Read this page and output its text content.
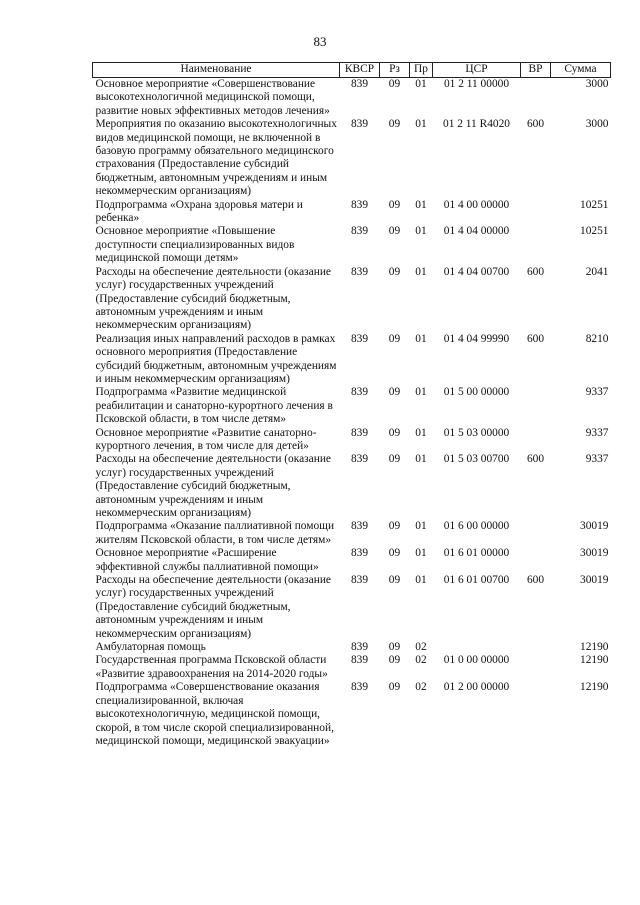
83
Наименование	КВСР	Рз	Пр	ЦСР	ВР	Сумма
Основное мероприятие «Совершенствование высокотехнологичной медицинской помощи, развитие новых эффективных методов лечения»	839	09	01	01 2 11 00000		3000
Мероприятия по оказанию высокотехнологичных видов медицинской помощи, не включенной в базовую программу обязательного медицинского страхования (Предоставление субсидий бюджетным, автономным учреждениям и иным некоммерческим организациям)	839	09	01	01 2 11 R4020	600	3000
Подпрограмма «Охрана здоровья матери и ребенка»	839	09	01	01 4 00 00000		10251
Основное мероприятие «Повышение доступности специализированных видов медицинской помощи детям»	839	09	01	01 4 04 00000		10251
Расходы на обеспечение деятельности (оказание услуг) государственных учреждений (Предоставление субсидий бюджетным, автономным учреждениям и иным некоммерческим организациям)	839	09	01	01 4 04 00700	600	2041
Реализация иных направлений расходов в рамках основного мероприятия (Предоставление субсидий бюджетным, автономным учреждениям и иным некоммерческим организациям)	839	09	01	01 4 04 99990	600	8210
Подпрограмма «Развитие медицинской реабилитации и санаторно-курортного лечения в Псковской области, в том числе детям»	839	09	01	01 5 00 00000		9337
Основное мероприятие «Развитие санаторно-курортного лечения, в том числе для детей»	839	09	01	01 5 03 00000		9337
Расходы на обеспечение деятельности (оказание услуг) государственных учреждений (Предоставление субсидий бюджетным, автономным учреждениям и иным некоммерческим организациям)	839	09	01	01 5 03 00700	600	9337
Подпрограмма «Оказание паллиативной помощи жителям Псковской области, в том числе детям»	839	09	01	01 6 00 00000		30019
Основное мероприятие «Расширение эффективной службы паллиативной помощи»	839	09	01	01 6 01 00000		30019
Расходы на обеспечение деятельности (оказание услуг) государственных учреждений (Предоставление субсидий бюджетным, автономным учреждениям и иным некоммерческим организациям)	839	09	01	01 6 01 00700	600	30019
Амбулаторная помощь	839	09	02			12190
Государственная программа Псковской области «Развитие здравоохранения на 2014-2020 годы»	839	09	02	01 0 00 00000		12190
Подпрограмма «Совершенствование оказания специализированной, включая высокотехнологичную, медицинской помощи, скорой, в том числе скорой специализированной, медицинской помощи, медицинской эвакуации»	839	09	02	01 2 00 00000		12190
